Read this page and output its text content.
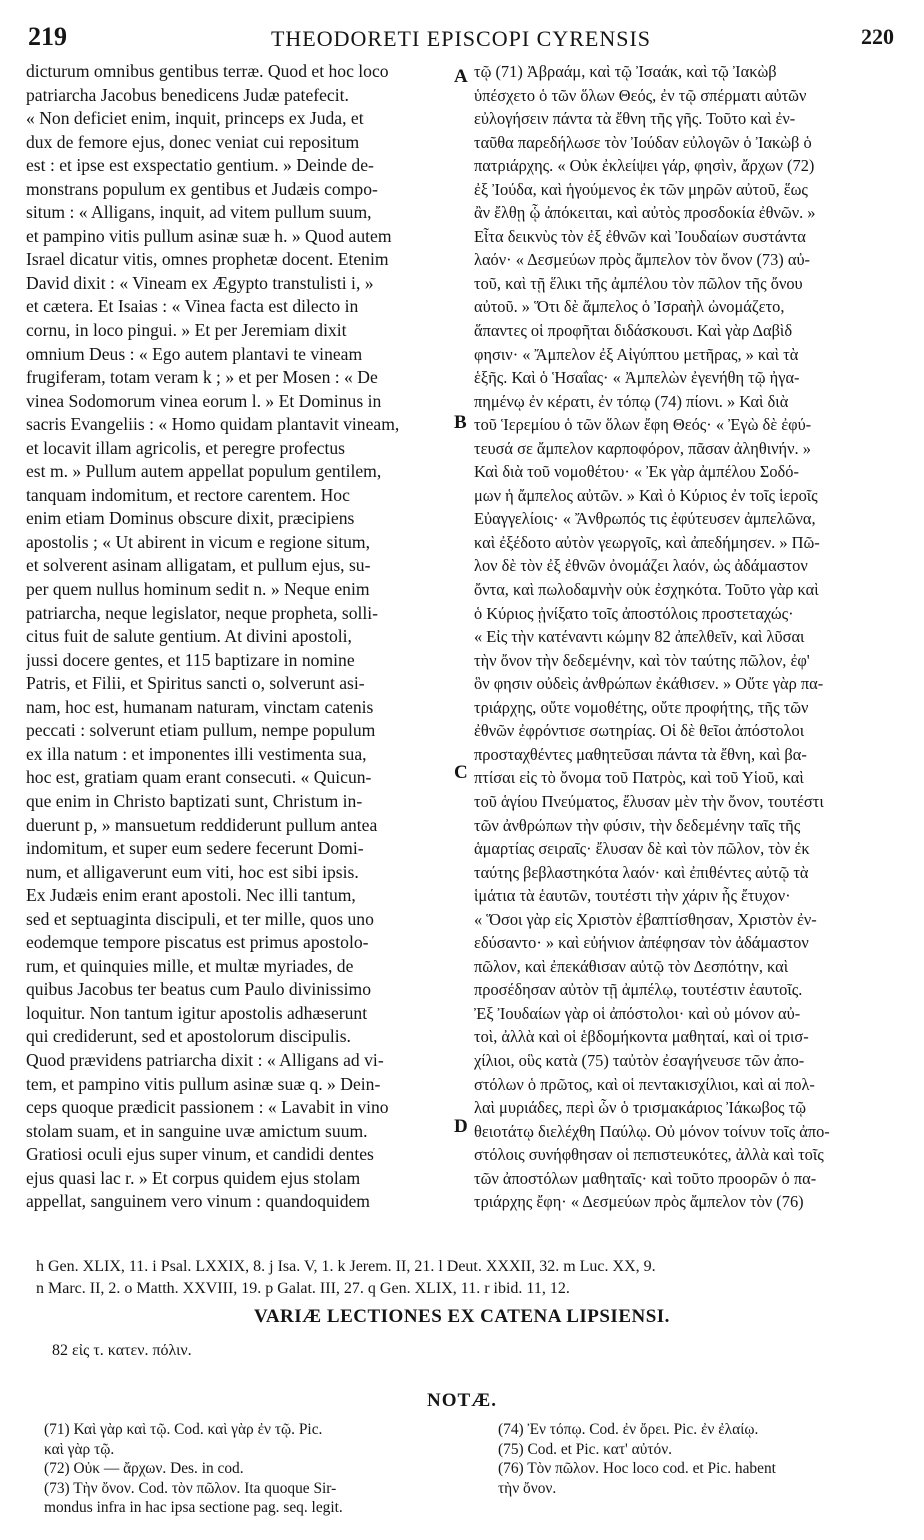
219	THEODORETI EPISCOPI CYRENSIS	220
dicturum omnibus gentibus terræ. Quod et hoc loco
patriarcha Jacobus benedicens Judæ patefecit.
« Non deficiet enim, inquit, princeps ex Juda, et
dux de femore ejus, donec veniat cui repositum
est : et ipse est exspectatio gentium. » Deinde de-
monstrans populum ex gentibus et Judæis compo-
situm : « Alligans, inquit, ad vitem pullum suum,
et pampino vitis pullum asinæ suæ h. » Quod autem
Israel dicatur vitis, omnes prophetæ docent. Etenim
David dixit : « Vineam ex Ægypto transtulisti i, »
et cætera. Et Isaias : « Vinea facta est dilecto in
cornu, in loco pingui. » Et per Jeremiam dixit
omnium Deus : « Ego autem plantavi te vineam
frugiferam, totam veram k ; » et per Mosen : « De
vinea Sodomorum vinea eorum l. » Et Dominus in
sacris Evangeliis : « Homo quidam plantavit vineam,
et locavit illam agricolis, et peregre profectus
est m. » Pullum autem appellat populum gentilem,
tanquam indomitum, et rectore carentem. Hoc
enim etiam Dominus obscure dixit, præcipiens
apostolis ; « Ut abirent in vicum e regione situm,
et solverent asinam alligatam, et pullum ejus, su-
per quem nullus hominum sedit n. » Neque enim
patriarcha, neque legislator, neque propheta, solli-
citus fuit de salute gentium. At divini apostoli,
jussi docere gentes, et 115 baptizare in nomine
Patris, et Filii, et Spiritus sancti o, solverunt asi-
nam, hoc est, humanam naturam, vinctam catenis
peccati : solverunt etiam pullum, nempe populum
ex illa natum : et imponentes illi vestimenta sua,
hoc est, gratiam quam erant consecuti. « Quicun-
que enim in Christo baptizati sunt, Christum in-
duerunt p, » mansuetum reddiderunt pullum antea
indomitum, et super eum sedere fecerunt Domi-
num, et alligaverunt eum viti, hoc est sibi ipsis.
Ex Judæis enim erant apostoli. Nec illi tantum,
sed et septuaginta discipuli, et ter mille, quos uno
eodemque tempore piscatus est primus apostolo-
rum, et quinquies mille, et multæ myriades, de
quibus Jacobus ter beatus cum Paulo divinissimo
loquitur. Non tantum igitur apostolis adhæserunt
qui crediderunt, sed et apostolorum discipulis.
Quod prævidens patriarcha dixit : « Alligans ad vi-
tem, et pampino vitis pullum asinæ suæ q. » Dein-
ceps quoque prædicit passionem : « Lavabit in vino
stolam suam, et in sanguine uvæ amictum suum.
Gratiosi oculi ejus super vinum, et candidi dentes
ejus quasi lac r. » Et corpus quidem ejus stolam
appellat, sanguinem vero vinum : quandoquidem
τῷ (71) Ἀβραάμ, καὶ τῷ Ἰσαάκ, καὶ τῷ Ἰακὼβ
ὑπέσχετο ὁ τῶν ὅλων Θεός, ἐν τῷ σπέρματι αὐτῶν
εὐλογήσειν πάντα τὰ ἔθνη τῆς γῆς. Τοῦτο καὶ ἐν-
ταῦθα παρεδήλωσε τὸν Ἰούδαν εὐλογῶν ὁ Ἰακὼβ ὁ
πατριάρχης. « Οὐκ ἐκλείψει γάρ, φησὶν, ἄρχων (72)
ἐξ Ἰούδα, καὶ ἡγούμενος ἐκ τῶν μηρῶν αὐτοῦ, ἕως
ἂν ἔλθῃ ᾧ ἀπόκειται, καὶ αὐτὸς προσδοκία ἐθνῶν. »
Εἶτα δεικνὺς τὸν ἐξ ἐθνῶν καὶ Ἰουδαίων συστάντα
λαόν· « Δεσμεύων πρὸς ἄμπελον τὸν ὄνον (73) αὐ-
τοῦ, καὶ τῇ ἕλικι τῆς ἀμπέλου τὸν πῶλον τῆς ὄνου
αὐτοῦ. » Ὅτι δὲ ἄμπελος ὁ Ἰσραὴλ ὠνομάζετο,
ἅπαντες οἱ προφῆται διδάσκουσι. Καὶ γὰρ Δαβὶδ
φησιν· « Ἄμπελον ἐξ Αἰγύπτου μετῆρας, » καὶ τὰ
ἑξῆς. Καὶ ὁ Ἡσαΐας· « Ἀμπελὼν ἐγενήθη τῷ ἠγα-
πημένῳ ἐν κέρατι, ἐν τόπῳ (74) πίονι. » Καὶ διὰ
τοῦ Ἱερεμίου ὁ τῶν ὅλων ἔφη Θεός· « Ἐγὼ δὲ ἐφύ-
τευσά σε ἄμπελον καρποφόρον, πᾶσαν ἀληθινήν. »
Καὶ διὰ τοῦ νομοθέτου· « Ἐκ γὰρ ἀμπέλου Σοδό-
μων ἡ ἄμπελος αὐτῶν. » Καὶ ὁ Κύριος ἐν τοῖς ἱεροῖς
Εὐαγγελίοις· « Ἄνθρωπός τις ἐφύτευσεν ἀμπελῶνα,
καὶ ἐξέδοτο αὐτὸν γεωργοῖς, καὶ ἀπεδήμησεν. » Πῶ-
λον δὲ τὸν ἐξ ἐθνῶν ὀνομάζει λαόν, ὡς ἀδάμαστον
ὄντα, καὶ πωλοδαμνὴν οὐκ ἐσχηκότα. Τοῦτο γὰρ καὶ
ὁ Κύριος ᾐνίξατο τοῖς ἀποστόλοις προστεταχώς·
« Εἰς τὴν κατέναντι κώμην 82 ἀπελθεῖν, καὶ λῦσαι
τὴν ὄνον τὴν δεδεμένην, καὶ τὸν ταύτης πῶλον, ἐφ'
ὃν φησιν οὐδεὶς ἀνθρώπων ἐκάθισεν. » Οὔτε γὰρ πα-
τριάρχης, οὔτε νομοθέτης, οὔτε προφήτης, τῆς τῶν
ἐθνῶν ἐφρόντισε σωτηρίας. Οἱ δὲ θεῖοι ἀπόστολοι
προσταχθέντες μαθητεῦσαι πάντα τὰ ἔθνη, καὶ βα-
πτίσαι εἰς τὸ ὄνομα τοῦ Πατρὸς, καὶ τοῦ Υἱοῦ, καὶ
τοῦ ἁγίου Πνεύματος, ἔλυσαν μὲν τὴν ὄνον, τουτέστι
τῶν ἀνθρώπων τὴν φύσιν, τὴν δεδεμένην ταῖς τῆς
ἁμαρτίας σειραῖς· ἔλυσαν δὲ καὶ τὸν πῶλον, τὸν ἐκ
ταύτης βεβλαστηκότα λαόν· καὶ ἐπιθέντες αὐτῷ τὰ
ἱμάτια τὰ ἑαυτῶν, τουτέστι τὴν χάριν ἧς ἔτυχον·
« Ὅσοι γὰρ εἰς Χριστὸν ἐβαπτίσθησαν, Χριστὸν ἐν-
εδύσαντο· » καὶ εὐήνιον ἀπέφησαν τὸν ἀδάμαστον
πῶλον, καὶ ἐπεκάθισαν αὐτῷ τὸν Δεσπότην, καὶ
προσέδησαν αὐτὸν τῇ ἀμπέλῳ, τουτέστιν ἑαυτοῖς.
Ἐξ Ἰουδαίων γὰρ οἱ ἀπόστολοι· καὶ οὐ μόνον αὐ-
τοὶ, ἀλλὰ καὶ οἱ ἑβδομήκοντα μαθηταί, καὶ οἱ τρισ-
χίλιοι, οὓς κατὰ (75) ταὐτὸν ἐσαγήνευσε τῶν ἀπο-
στόλων ὁ πρῶτος, καὶ οἱ πεντακισχίλιοι, καὶ αἱ πολ-
λαὶ μυριάδες, περὶ ὧν ὁ τρισμακάριος Ἰάκωβος τῷ
θειοτάτῳ διελέχθη Παύλῳ. Οὐ μόνον τοίνυν τοῖς ἀπο-
στόλοις συνήφθησαν οἱ πεπιστευκότες, ἀλλὰ καὶ τοῖς
τῶν ἀποστόλων μαθηταῖς· καὶ τοῦτο προορῶν ὁ πα-
τριάρχης ἔφη· « Δεσμεύων πρὸς ἄμπελον τὸν (76)
A
B
C
D
h Gen. XLIX, 11. i Psal. LXXIX, 8. j Isa. V, 1. k Jerem. II, 21. l Deut. XXXII, 32. m Luc. XX, 9.
n Marc. II, 2. o Matth. XXVIII, 19. p Galat. III, 27. q Gen. XLIX, 11. r ibid. 11, 12.
VARIÆ LECTIONES EX CATENA LIPSIENSI.
82 εἰς τ. κατεν. πόλιν.
NOTÆ.
(71) Καὶ γὰρ καὶ τῷ. Cod. καὶ γὰρ ἐν τῷ. Pic.
καὶ γὰρ τῷ.
(72) Οὐκ — ἄρχων. Des. in cod.
(73) Τὴν ὄνον. Cod. τὸν πῶλον. Ita quoque Sir-
mondus infra in hac ipsa sectione pag. seq. legit.
(74) Ἐν τόπῳ. Cod. ἐν ὄρει. Pic. ἐν ἐλαίῳ.
(75) Cod. et Pic. κατ' αὐτόν.
(76) Τὸν πῶλον. Hoc loco cod. et Pic. habent
τὴν ὄνον.
